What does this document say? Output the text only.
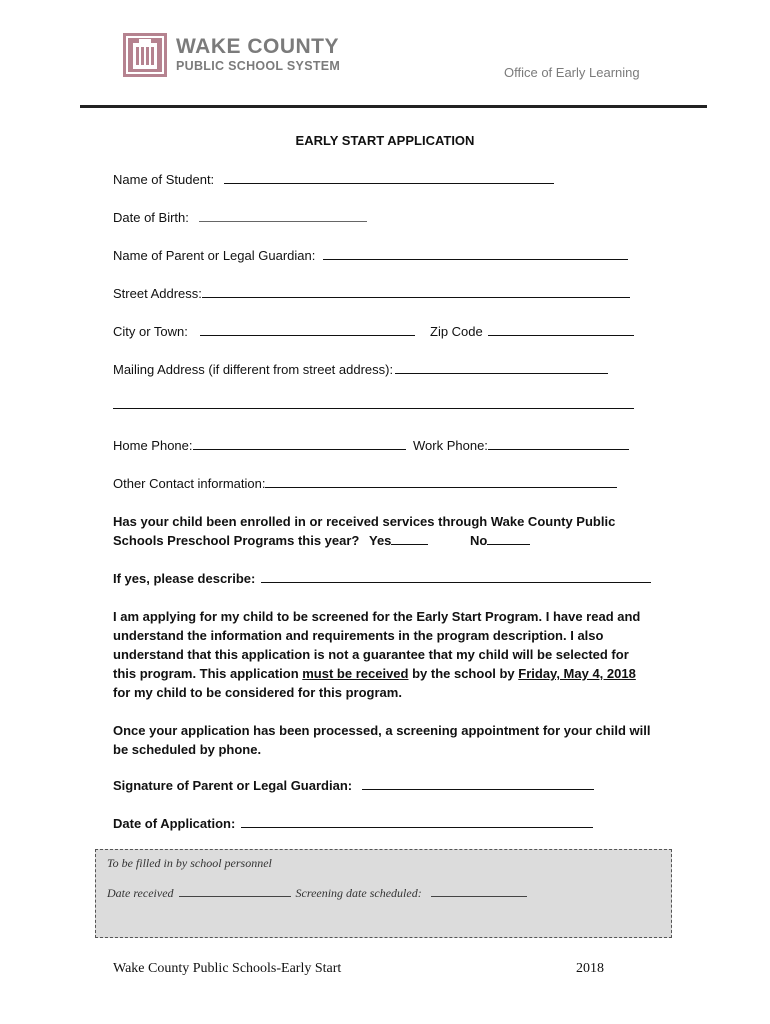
WAKE COUNTY
PUBLIC SCHOOL SYSTEM	Office of Early Learning
EARLY START APPLICATION
Name of Student:
Date of Birth:
Name of Parent or Legal Guardian:
Street Address:
City or Town:	Zip Code
Mailing Address (if different from street address):
Home Phone:	Work Phone:
Other Contact information:
Has your child been enrolled in or received services through Wake County Public
Schools Preschool Programs this year? Yes	No
If yes, please describe:
I am applying for my child to be screened for the Early Start Program. I have read and
understand the information and requirements in the program description. I also
understand that this application is not a guarantee that my child will be selected for
this program. This application must be received by the school by Friday, May 4, 2018
for my child to be considered for this program.
Once your application has been processed, a screening appointment for your child will
be scheduled by phone.
Signature of Parent or Legal Guardian:
Date of Application:
To be filled in by school personnel
Date received	Screening date scheduled:
Wake County Public Schools-Early Start	2018
